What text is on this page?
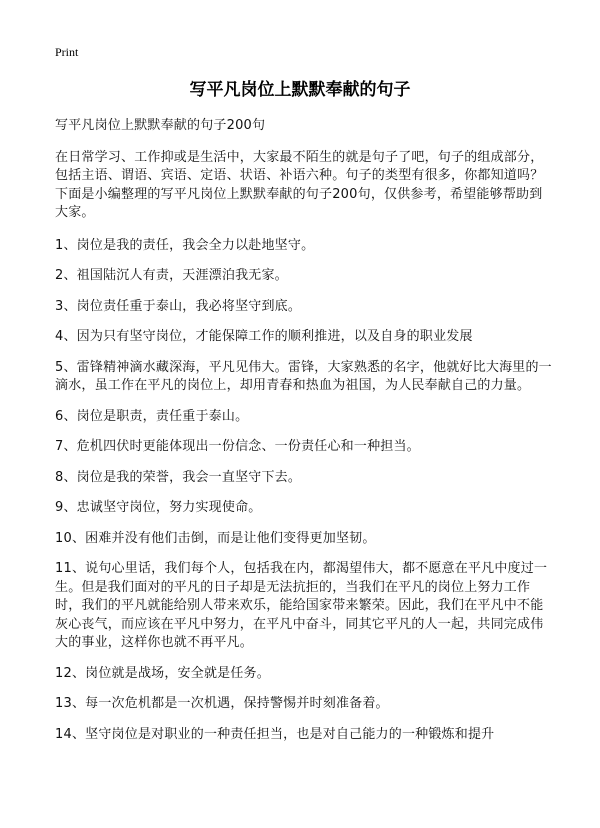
Print
写平凡岗位上默默奉献的句子

写平凡岗位上默默奉献的句子200句

在日常学习、工作抑或是生活中，大家最不陌生的就是句子了吧，句子的组成部分，包括主语、谓语、宾语、定语、状语、补语六种。句子的类型有很多，你都知道吗？下面是小编整理的写平凡岗位上默默奉献的句子200句，仅供参考，希望能够帮助到大家。

1、岗位是我的责任，我会全力以赴地坚守。

2、祖国陆沉人有责，天涯漂泊我无家。

3、岗位责任重于泰山，我必将坚守到底。

4、因为只有坚守岗位，才能保障工作的顺利推进，以及自身的职业发展

5、雷锋精神滴水藏深海，平凡见伟大。雷锋，大家熟悉的名字，他就好比大海里的一滴水，虽工作在平凡的岗位上，却用青春和热血为祖国，为人民奉献自己的力量。

6、岗位是职责，责任重于泰山。

7、危机四伏时更能体现出一份信念、一份责任心和一种担当。

8、岗位是我的荣誉，我会一直坚守下去。

9、忠诚坚守岗位，努力实现使命。

10、困难并没有他们击倒，而是让他们变得更加坚韧。

11、说句心里话，我们每个人，包括我在内，都渴望伟大，都不愿意在平凡中度过一生。但是我们面对的平凡的日子却是无法抗拒的，当我们在平凡的岗位上努力工作时，我们的平凡就能给别人带来欢乐，能给国家带来繁荣。因此，我们在平凡中不能灰心丧气，而应该在平凡中努力，在平凡中奋斗，同其它平凡的人一起，共同完成伟大的事业，这样你也就不再平凡。

12、岗位就是战场，安全就是任务。

13、每一次危机都是一次机遇，保持警惕并时刻准备着。

14、坚守岗位是对职业的一种责任担当，也是对自己能力的一种锻炼和提升
